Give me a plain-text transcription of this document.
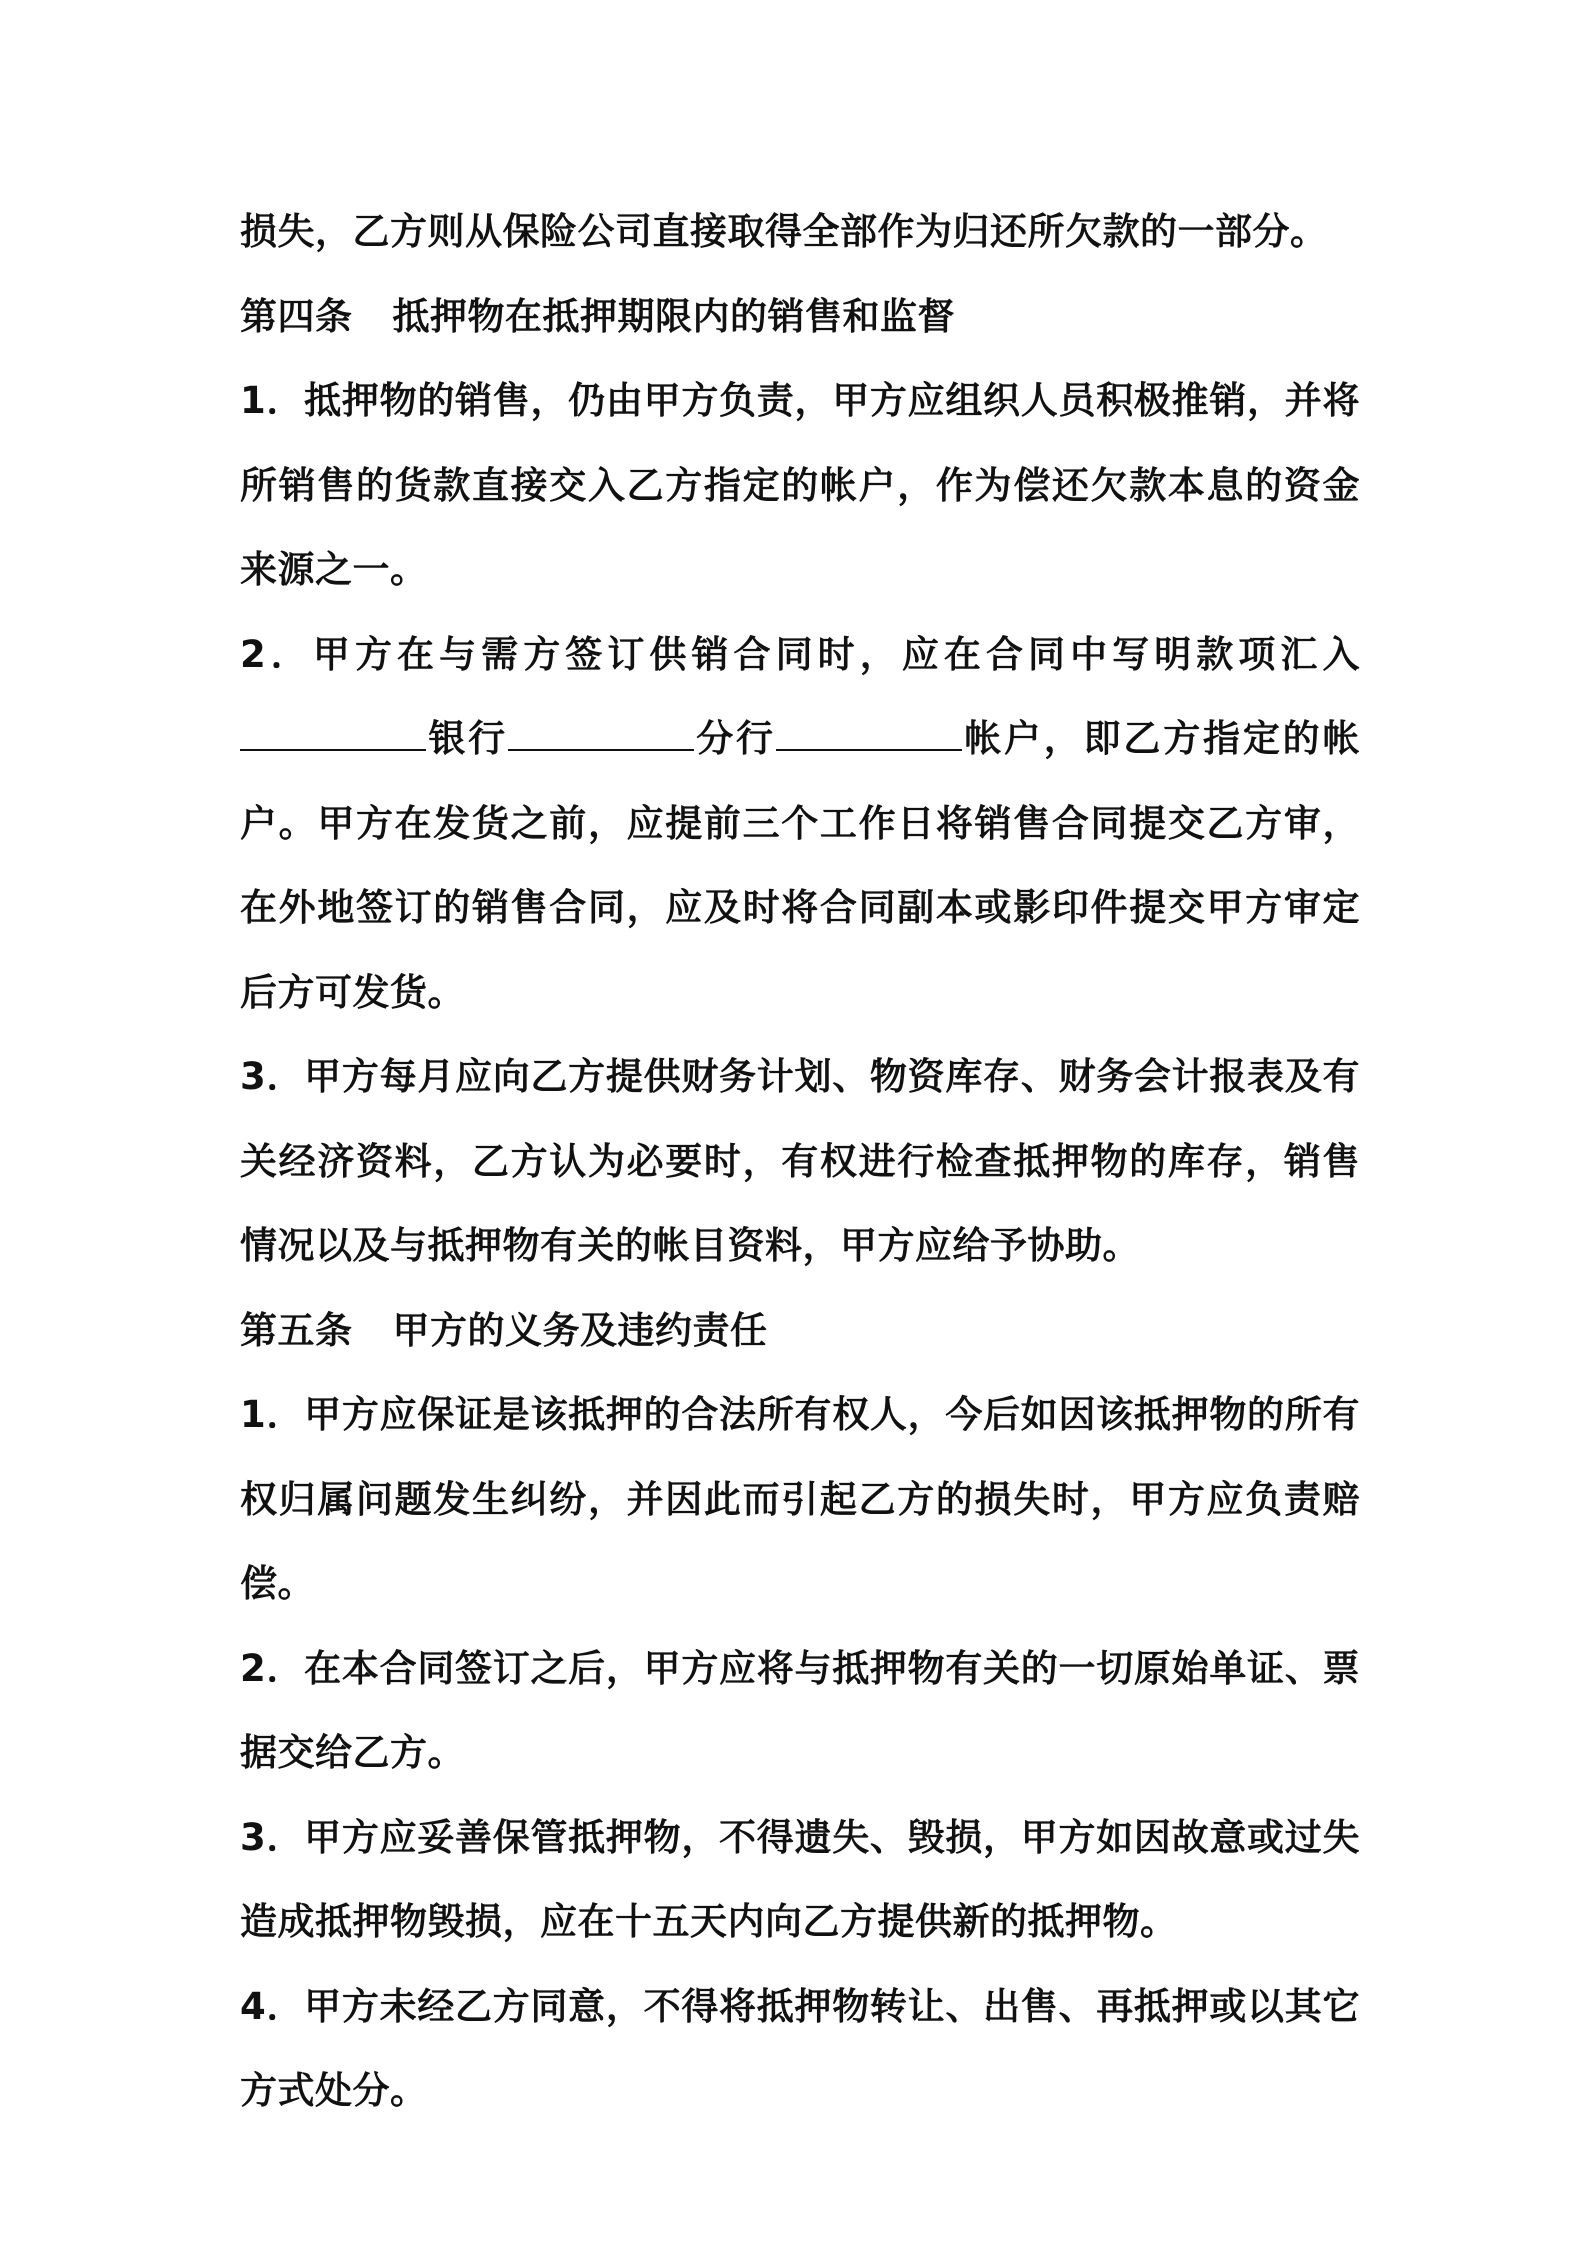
损失，乙方则从保险公司直接取得全部作为归还所欠款的一部分。

第四条 抵押物在抵押期限内的销售和监督

1．抵押物的销售，仍由甲方负责，甲方应组织人员积极推销，并将所销售的货款直接交入乙方指定的帐户，作为偿还欠款本息的资金来源之一。

2．甲方在与需方签订供销合同时，应在合同中写明款项汇入银行	分行	帐户，即乙方指定的帐户。甲方在发货之前，应提前三个工作日将销售合同提交乙方审，在外地签订的销售合同，应及时将合同副本或影印件提交甲方审定后方可发货。

3．甲方每月应向乙方提供财务计划、物资库存、财务会计报表及有关经济资料，乙方认为必要时，有权进行检查抵押物的库存，销售情况以及与抵押物有关的帐目资料，甲方应给予协助。

第五条 甲方的义务及违约责任

1．甲方应保证是该抵押的合法所有权人，今后如因该抵押物的所有权归属问题发生纠纷，并因此而引起乙方的损失时，甲方应负责赔偿。

2．在本合同签订之后，甲方应将与抵押物有关的一切原始单证、票据交给乙方。

3．甲方应妥善保管抵押物，不得遗失、毁损，甲方如因故意或过失造成抵押物毁损，应在十五天内向乙方提供新的抵押物。

4．甲方未经乙方同意，不得将抵押物转让、出售、再抵押或以其它方式处分。
